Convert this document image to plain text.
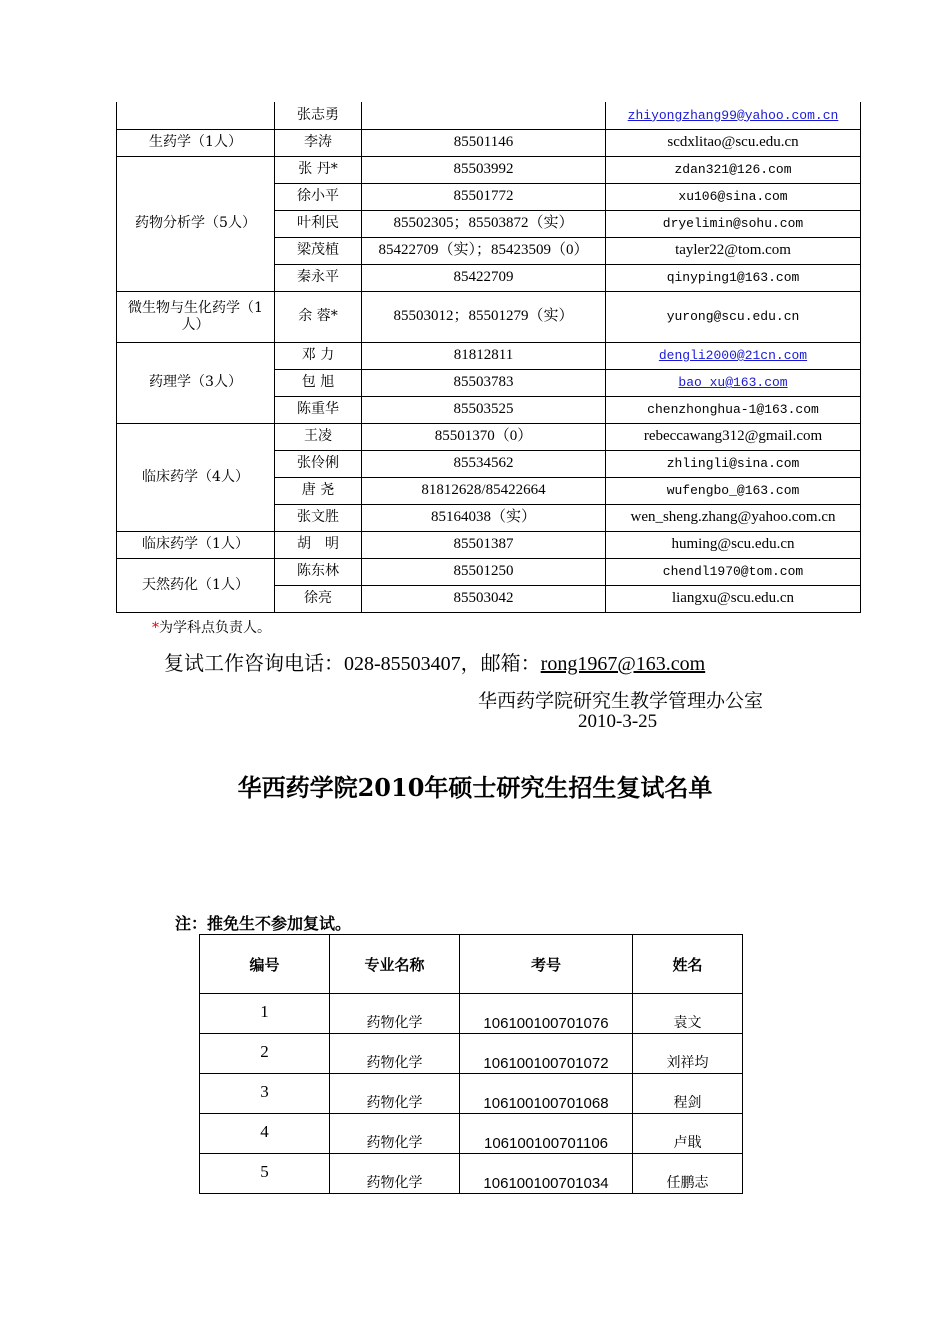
	张志勇		zhiyongzhang99@yahoo.com.cn
生药学（1人）	李涛	85501146	scdxlitao@scu.edu.cn
药物分析学（5人）	张 丹*	85503992	zdan321@126.com
	徐小平	85501772	xu106@sina.com
	叶利民	85502305；85503872（实）	dryelimin@sohu.com
	梁茂植	85422709（实）；85423509（0）	tayler22@tom.com
	秦永平	85422709	qinyping1@163.com
微生物与生化药学（1人）	余 蓉*	85503012；85501279（实）	yurong@scu.edu.cn
药理学（3人）	邓 力	81812811	dengli2000@21cn.com
	包 旭	85503783	bao_xu@163.com
	陈重华	85503525	chenzhonghua-1@163.com
临床药学（4人）	王凌	85501370（0）	rebeccawang312@gmail.com
	张伶俐	85534562	zhlingli@sina.com
	唐 尧	81812628/85422664	wufengbo_@163.com
	张文胜	85164038（实）	wen_sheng.zhang@yahoo.com.cn
临床药学（1人）	胡　明	85501387	huming@scu.edu.cn
天然药化（1人）	陈东林	85501250	chendl1970@tom.com
	徐亮	85503042	liangxu@scu.edu.cn
*为学科点负责人。
复试工作咨询电话：028-85503407，邮箱：rong1967@163.com
华西药学院研究生教学管理办公室
2010-3-25
华西药学院2010年硕士研究生招生复试名单
注：推免生不参加复试。
编号	专业名称	考号	姓名
1	药物化学	106100100701076	袁文
2	药物化学	106100100701072	刘祥均
3	药物化学	106100100701068	程剑
4	药物化学	106100100701106	卢戢
5	药物化学	106100100701034	任鹏志
